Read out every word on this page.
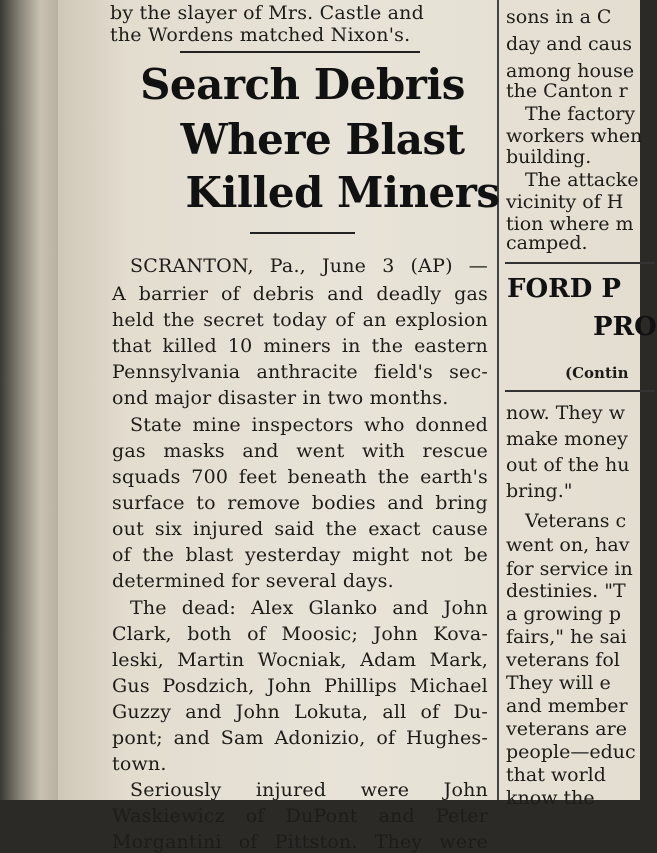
by the slayer of Mrs. Castle and
the Wordens matched Nixon's.
Search Debris
Where Blast
Killed Miners
SCRANTON, Pa., June 3 (AP) —
A barrier of debris and deadly gas
held the secret today of an explosion
that killed 10 miners in the eastern
Pennsylvania anthracite field's sec-
ond major disaster in two months.
State mine inspectors who donned
gas masks and went with rescue
squads 700 feet beneath the earth's
surface to remove bodies and bring
out six injured said the exact cause
of the blast yesterday might not be
determined for several days.
The dead: Alex Glanko and John
Clark, both of Moosic; John Kova-
leski, Martin Wocniak, Adam Mark,
Gus Posdzich, John Phillips Michael
Guzzy and John Lokuta, all of Du-
pont; and Sam Adonizio, of Hughes-
town.
Seriously injured were John
Waskiewicz of DuPont and Peter
Morgantini of Pittston. They were
sons in a C
day and caus
among house
the Canton r
The factory
workers when
building.
The attacke
vicinity of H
tion where m
camped.
FORD P
PRO
(Contin
now. They w
make money
out of the hu
bring."
Veterans c
went on, hav
for service in
destinies. "T
a growing p
fairs," he sai
veterans fol
They will e
and member
veterans are
people—educ
that world
know the
